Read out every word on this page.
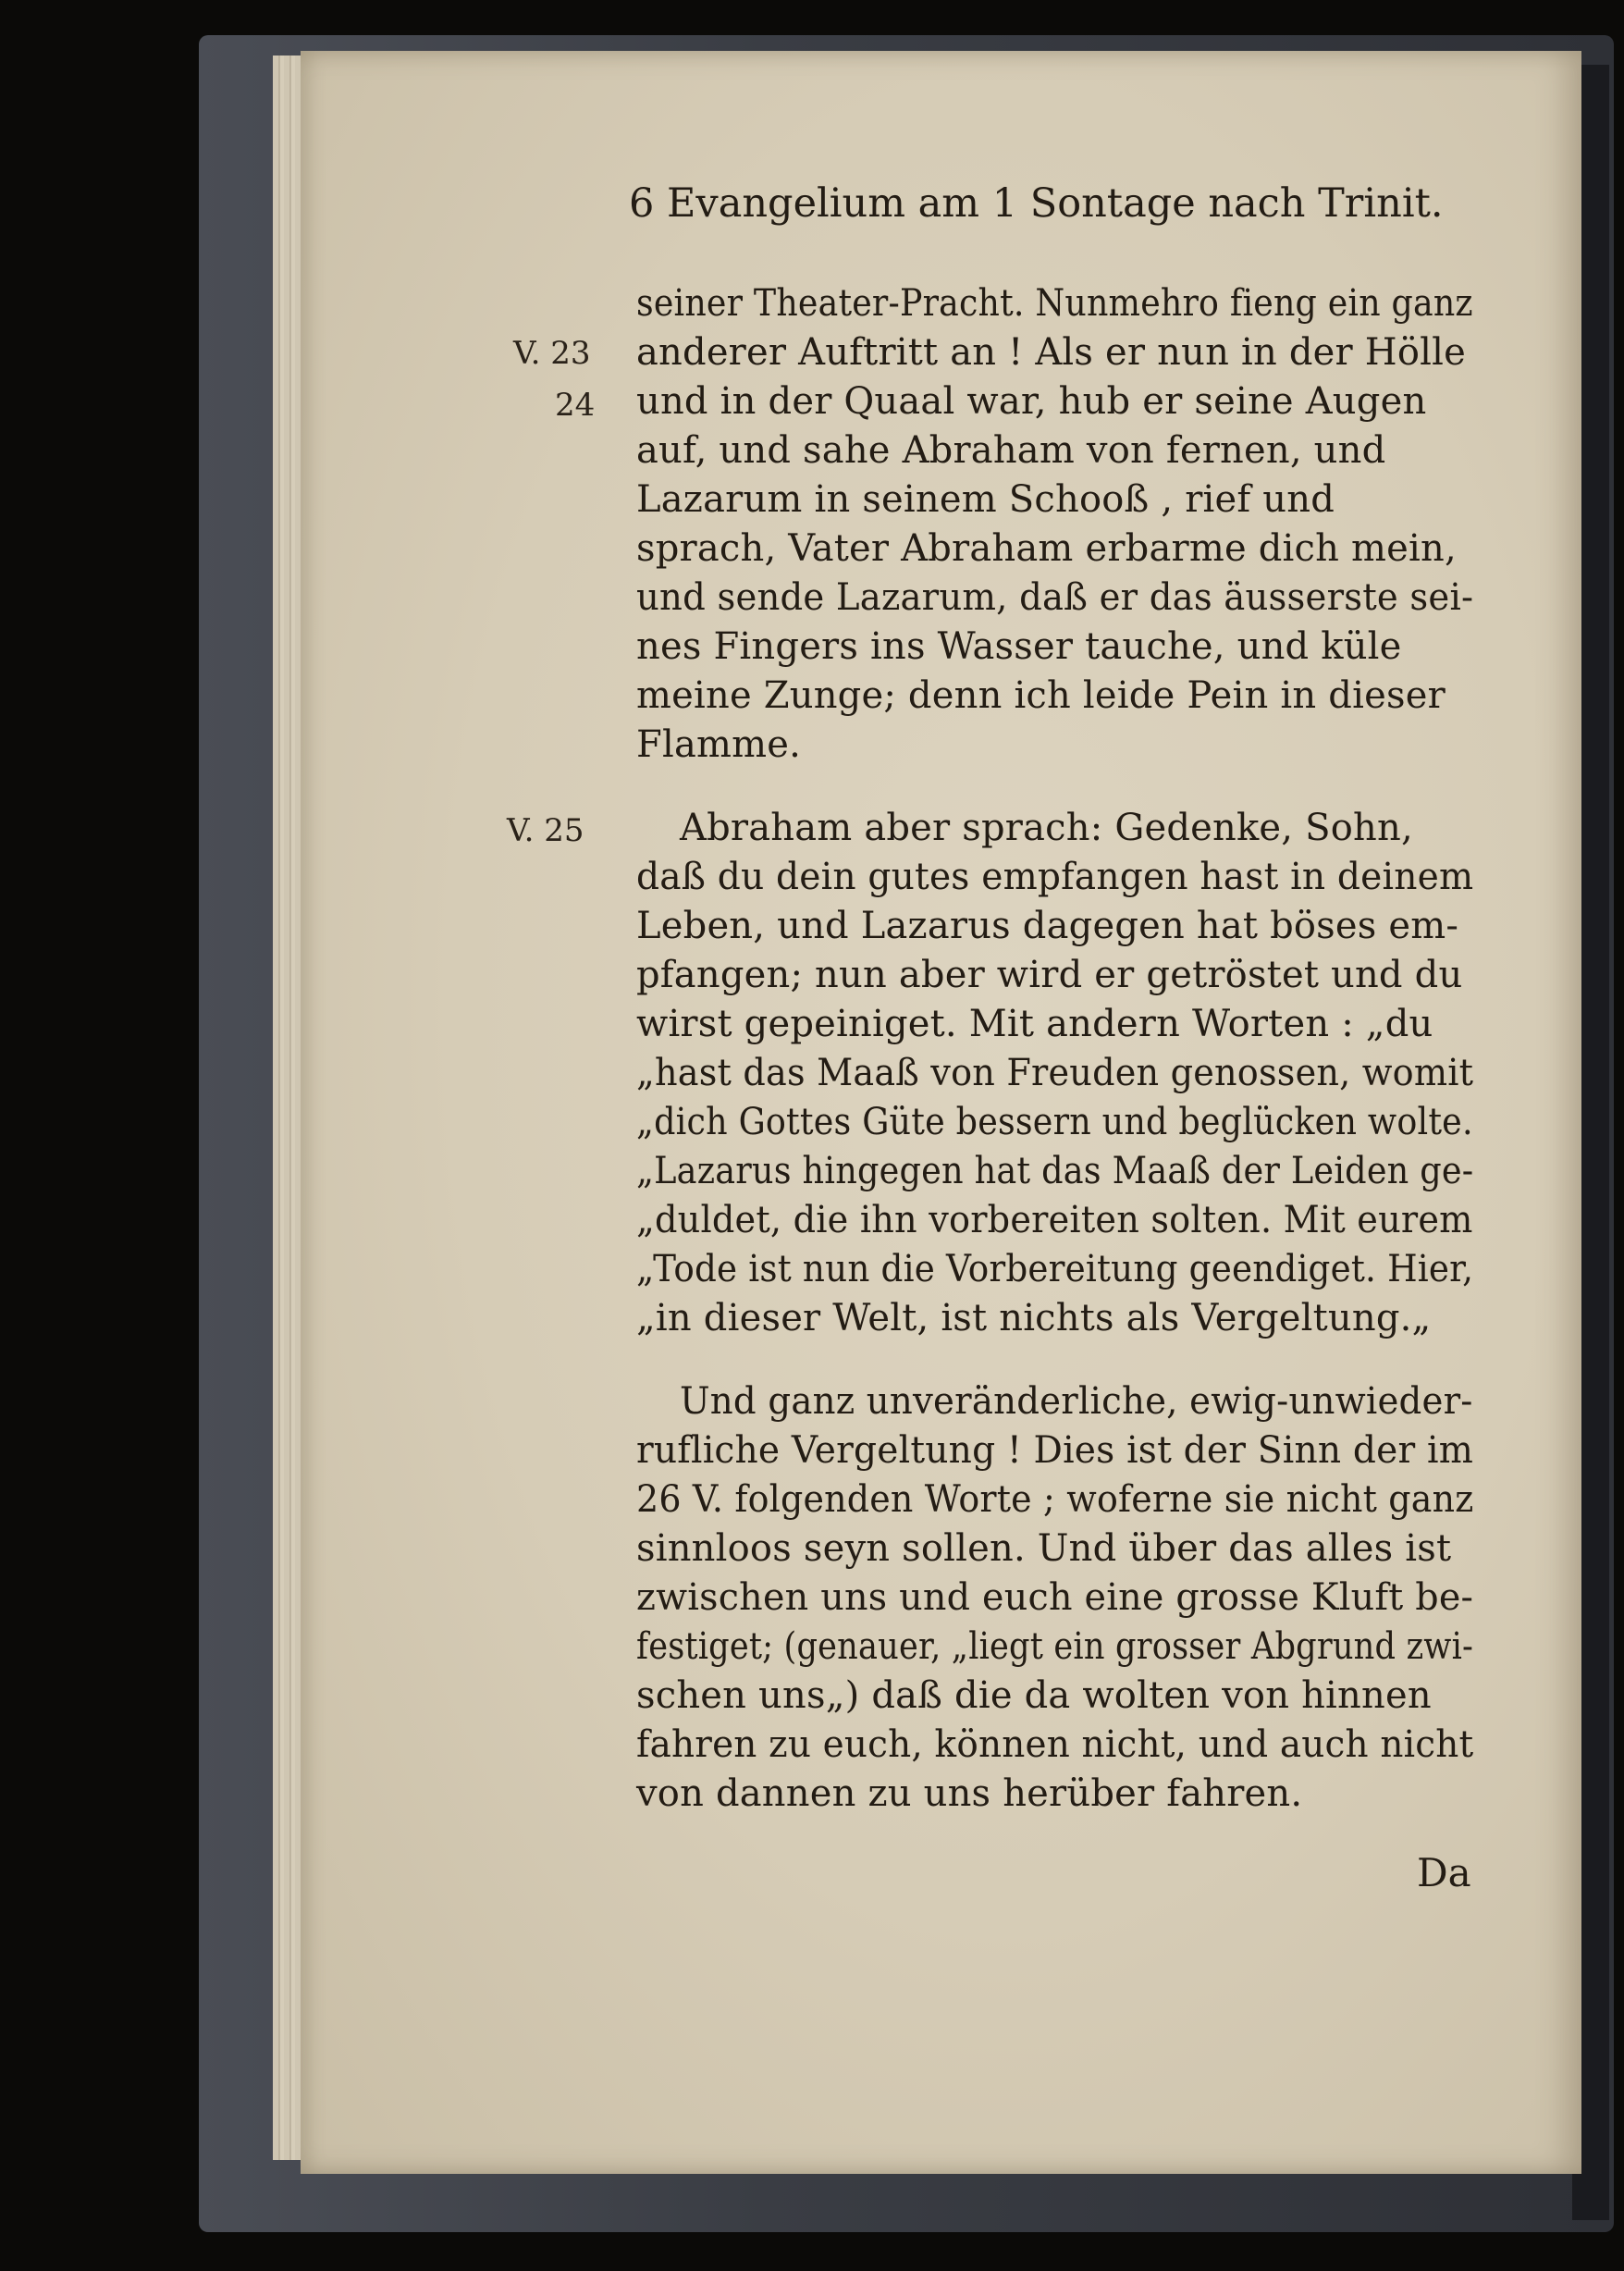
6 Evangelium am 1 Sontage nach Trinit.
V. 23
24
V. 25
seiner Theater-Pracht. Nunmehro fieng ein ganz
anderer Auftritt an ! Als er nun in der Hölle
und in der Quaal war, hub er seine Augen
auf, und sahe Abraham von fernen, und
Lazarum in seinem Schooß , rief und
sprach, Vater Abraham erbarme dich mein,
und sende Lazarum, daß er das äusserste sei-
nes Fingers ins Wasser tauche, und küle
meine Zunge; denn ich leide Pein in dieser
Flamme.
Abraham aber sprach: Gedenke, Sohn,
daß du dein gutes empfangen hast in deinem
Leben, und Lazarus dagegen hat böses em-
pfangen; nun aber wird er getröstet und du
wirst gepeiniget. Mit andern Worten : „du
„hast das Maaß von Freuden genossen, womit
„dich Gottes Güte bessern und beglücken wolte.
„Lazarus hingegen hat das Maaß der Leiden ge-
„duldet, die ihn vorbereiten solten. Mit eurem
„Tode ist nun die Vorbereitung geendiget. Hier,
„in dieser Welt, ist nichts als Vergeltung.„
Und ganz unveränderliche, ewig-unwieder-
rufliche Vergeltung ! Dies ist der Sinn der im
26 V. folgenden Worte ; woferne sie nicht ganz
sinnloos seyn sollen. Und über das alles ist
zwischen uns und euch eine grosse Kluft be-
festiget; (genauer, „liegt ein grosser Abgrund zwi-
schen uns„) daß die da wolten von hinnen
fahren zu euch, können nicht, und auch nicht
von dannen zu uns herüber fahren.
Da
